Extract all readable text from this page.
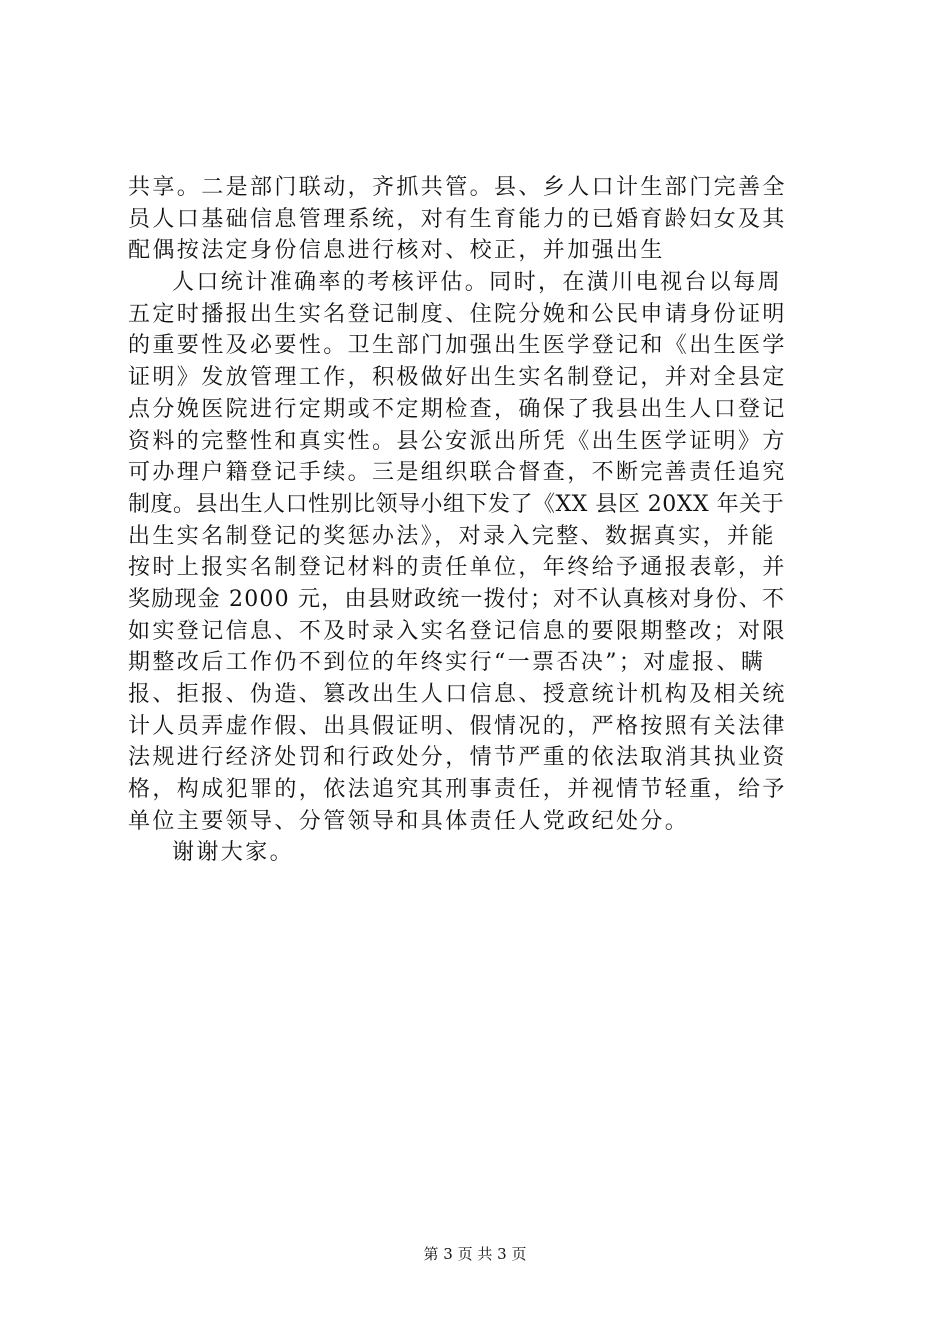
共享。二是部门联动，齐抓共管。县、乡人口计生部门完善全
员人口基础信息管理系统，对有生育能力的已婚育龄妇女及其
配偶按法定身份信息进行核对、校正，并加强出生
人口统计准确率的考核评估。同时，在潢川电视台以每周
五定时播报出生实名登记制度、住院分娩和公民申请身份证明
的重要性及必要性。卫生部门加强出生医学登记和《出生医学
证明》发放管理工作，积极做好出生实名制登记，并对全县定
点分娩医院进行定期或不定期检查，确保了我县出生人口登记
资料的完整性和真实性。县公安派出所凭《出生医学证明》方
可办理户籍登记手续。三是组织联合督查，不断完善责任追究
制度。县出生人口性别比领导小组下发了《XX 县区 20XX 年关于
出生实名制登记的奖惩办法》，对录入完整、数据真实，并能
按时上报实名制登记材料的责任单位，年终给予通报表彰，并
奖励现金 2000 元，由县财政统一拨付；对不认真核对身份、不
如实登记信息、不及时录入实名登记信息的要限期整改；对限
期整改后工作仍不到位的年终实行“一票否决”；对虚报、瞒
报、拒报、伪造、篡改出生人口信息、授意统计机构及相关统
计人员弄虚作假、出具假证明、假情况的，严格按照有关法律
法规进行经济处罚和行政处分，情节严重的依法取消其执业资
格，构成犯罪的，依法追究其刑事责任，并视情节轻重，给予
单位主要领导、分管领导和具体责任人党政纪处分。
谢谢大家。
第 3 页 共 3 页
